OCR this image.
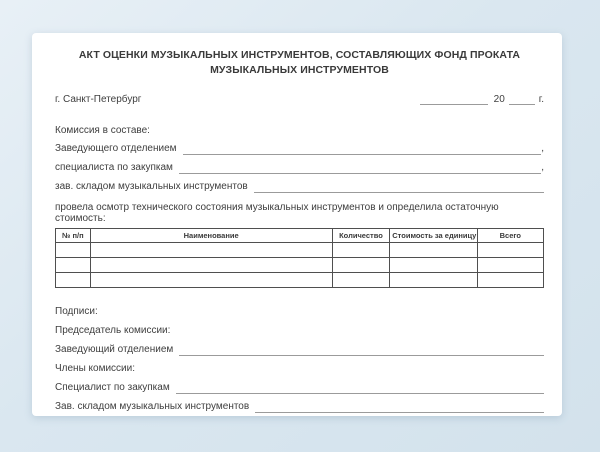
АКТ ОЦЕНКИ МУЗЫКАЛЬНЫХ ИНСТРУМЕНТОВ, СОСТАВЛЯЮЩИХ ФОНД ПРОКАТА МУЗЫКАЛЬНЫХ ИНСТРУМЕНТОВ
г. Санкт-Петербург	20	г.
Комиссия в составе:
Заведующего отделением	,
специалиста по закупкам	,
зав. складом музыкальных инструментов
провела осмотр технического состояния музыкальных инструментов и определила остаточную стоимость:
№ п/п	Наименование	Количество	Стоимость за единицу	Всего

Подписи:
Председатель комиссии:
Заведующий отделением
Члены комиссии:
Специалист по закупкам
Зав. складом музыкальных инструментов
